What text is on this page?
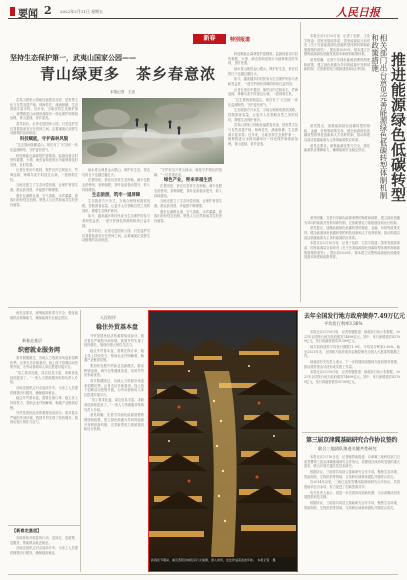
要闻 2 2022年2月11日 星期五	人民日报
坚持生态保护第一，武夷山国家公园——
青山绿更多　茶乡春意浓
本报记者　王崇
新春	特别报道

武夷山国家公园地处福建省北部，是世界文化与自然双遗产地，林海苍茫，溪流纵横，生态资源丰富多样。近年来，当地坚持生态保护第一，统筹推进山水林田湖草沙一体化保护和系统治理，青山更绿，茶乡更美。

春节前后，记者走进国家公园，只见巡护员们背着装备穿行在密林之间，沿着溪流记录野生动植物的活动轨迹。

科技赋能，守护森林风貌

“过去靠两条腿巡山，现在有了‘天空地’一体化监测网络，守护更有底气。”

科技赋能让森林管护更精准。监测设备实时回传数据，火情、病虫害和违规行为能够被及时发现、及时处置。

记者在采访中看到，保护区内古树参天，竹海连绵，珍稀鸟类不时掠过山林，一派勃勃生机。

当地还建立了生态补偿机制，让保护者得实惠，群众获得感、幸福感不断增强。

漫步在溪畔步道，空气清新，水声潺潺，游客们纷纷驻足拍照，感受人与自然和谐共生的美好画卷。

绿水青山就是金山银山。保护好生态，茶农们的日子也越过越红火。

在茶园里，茶农们坚持生态种植，减少化肥农药使用，套种绿肥，茶叶品质稳步提升，收入持续增加。

生态旅游，筑牢一道屏障

生态旅游方兴未艾，当地合理规划游览线路，控制游客容量，让更多人在领略自然之美的同时，增强生态保护意识。

如今，越来越多的村民成为生态保护的参与者和受益者，一道守护绿色屏障的防线日益牢固。

春节前后，记者走进国家公园，只见巡护员们背着装备穿行在密林之间，沿着溪流记录野生动植物的活动轨迹。

“守护好这片青山绿水，就是守护我们的饭碗。”一位老茶农说。

绿色产业，带来幸福生活

在茶园里，茶农们坚持生态种植，减少化肥农药使用，套种绿肥，茶叶品质稳步提升，收入持续增加。

当地还建立了生态补偿机制，让保护者得实惠，群众获得感、幸福感不断增强。

漫步在溪畔步道，空气清新，水声潺潺，游客们纷纷驻足拍照，感受人与自然和谐共生的美好画卷。

科技赋能让森林管护更精准。监测设备实时回传数据，火情、病虫害和违规行为能够被及时发现、及时处置。

绿水青山就是金山银山。保护好生态，茶农们的日子也越过越红火。

如今，越来越多的村民成为生态保护的参与者和受益者，一道守护绿色屏障的防线日益牢固。

记者在采访中看到，保护区内古树参天，竹海连绵，珍稀鸟类不时掠过山林，一派勃勃生机。

“过去靠两条腿巡山，现在有了‘天空地’一体化监测网络，守护更有底气。”

生态旅游方兴未艾，当地合理规划游览线路，控制游客容量，让更多人在领略自然之美的同时，增强生态保护意识。

武夷山国家公园地处福建省北部，是世界文化与自然双遗产地，林海苍茫，溪流纵横，生态资源丰富多样。近年来，当地坚持生态保护第一，统筹推进山水林田湖草沙一体化保护和系统治理，青山更绿，茶乡更美。	相关部门出台意见完善能源绿色低碳转型体制机制和政策措施 推进能源绿色低碳转型

本报北京2月10日电　记者丁怡婷、王浩宇报道：国家发展改革委、国家能源局日前印发《关于完善能源绿色低碳转型体制机制和政策措施的意见》，提出到2030年，基本建立完整的能源绿色低碳发展基本制度和政策体系。

意见明确，完善引导绿色能源消费的制度和政策，建立绿色低碳为导向的能源开发利用新机制，完善新型电力系统建设和运行机制。

意见提出，加强能源绿色低碳转型的财政、金融、价格等政策支持，健全能源绿色低碳转型的科技创新和人才培养机制，推动构建以清洁低碳能源为主体的能源供应体系。

意见还要求，统筹能源转型与安全，强化能源供应保障能力，确保能源安全稳定供应。

意见明确，完善引导绿色能源消费的制度和政策，建立绿色低碳为导向的能源开发利用新机制，完善新型电力系统建设和运行机制。

意见提出，加强能源绿色低碳转型的财政、金融、价格等政策支持，健全能源绿色低碳转型的科技创新和人才培养机制，推动构建以清洁低碳能源为主体的能源供应体系。

本报北京2月10日电　记者丁怡婷、王浩宇报道：国家发展改革委、国家能源局日前印发《关于完善能源绿色低碳转型体制机制和政策措施的意见》，提出到2030年，基本建立完整的能源绿色低碳发展基本制度和政策体系。

意见还要求，统筹能源转型与安全，强化能源供应保障能力，确保能源安全稳定供应。

新春走基层
织密就业服务网

春节假期刚过，各地人力资源市场迎来招聘旺季。记者走访多地看到，线上线下招聘活动密集开展，为劳动者和用人单位搭建对接平台。

“用工需求旺盛，岗位信息丰富，求职者选择面更宽了。”一家人力资源服务机构负责人介绍。

各地还组织点对点返岗专车，为务工人员提供便捷出行服务，确保稳岗就业。

稳住外贸基本盘，需要在保订单、稳主体上持续发力，帮助企业纾困解难，畅通产业链供应链。

外贸是国民经济的重要组成部分。面对复杂严峻的外部环境，我国外贸实现了较快增长，展现出强大韧性与活力。

【新春走基层】

各地持续开展春风行动，送岗位、送政策、送服务，帮助群众就近就业。

各地还组织点对点返岗专车，为务工人员提供便捷出行服务，确保稳岗就业。

人民时评
稳住外贸基本盘

外贸是国民经济的重要组成部分。面对复杂严峻的外部环境，我国外贸实现了较快增长，展现出强大韧性与活力。

稳住外贸基本盘，需要在保订单、稳主体上持续发力，帮助企业纾困解难，畅通产业链供应链。

要加快发展外贸新业态新模式，推动跨境电商、海外仓等健康发展，培育外贸竞争新优势。

春节假期刚过，各地人力资源市场迎来招聘旺季。记者走访多地看到，线上线下招聘活动密集开展，为劳动者和用人单位搭建对接平台。

“用工需求旺盛，岗位信息丰富，求职者选择面更宽了。”一家人力资源服务机构负责人介绍。

意见明确，完善引导绿色能源消费的制度和政策，建立绿色低碳为导向的能源开发利用新机制，完善新型电力系统建设和运行机制。

新春佳节期间，重庆酉阳县城夜景灯火璀璨，游人如织，处处洋溢着浓浓年味。　本报记者　摄
去年全国发行地方政府债券7.49万亿元
平均发行利率3.36%

本报北京2月10日电　记者李婕报道：财政部日前公布数据，2021年全国发行地方政府债券74898亿元。其中，发行新增债券43709亿元，发行再融资债券31189亿元。

地方政府债券平均发行期限11.9年，平均发行利率3.36%。截至2021年末，全国地方政府债务余额控制在全国人大批准的限额之内。

财政部有关负责人表示，下一步将继续加强地方政府债务管理，推动债券资金尽快形成实物工作量。

本报北京2月10日电　记者李婕报道：财政部日前公布数据，2021年全国发行地方政府债券74898亿元。其中，发行新增债券43709亿元，发行再融资债券31189亿元。

第三届京津冀基础研究合作协议签约
联合三地团队推进关键共性研究

本报北京2月10日电　记者喻思南报道：京津冀三地科技部门日前签署第三届京津冀基础研究合作协议，将围绕区域协同发展的重大需求，联合开展关键共性技术研究。

根据协议，三地将共同设立基础研究合作专项，聚焦生态环境、智能制造、生物医药等领域，支持跨区域科研团队开展联合攻关。

自2014年以来，三地已连续签署两届基础研究合作协议，共同资助项目百余项，有力促进了创新资源共享。

有关负责人表示，将进一步完善协同创新机制，为京津冀协同发展提供科技支撑。

根据协议，三地将共同设立基础研究合作专项，聚焦生态环境、智能制造、生物医药等领域，支持跨区域科研团队开展联合攻关。
